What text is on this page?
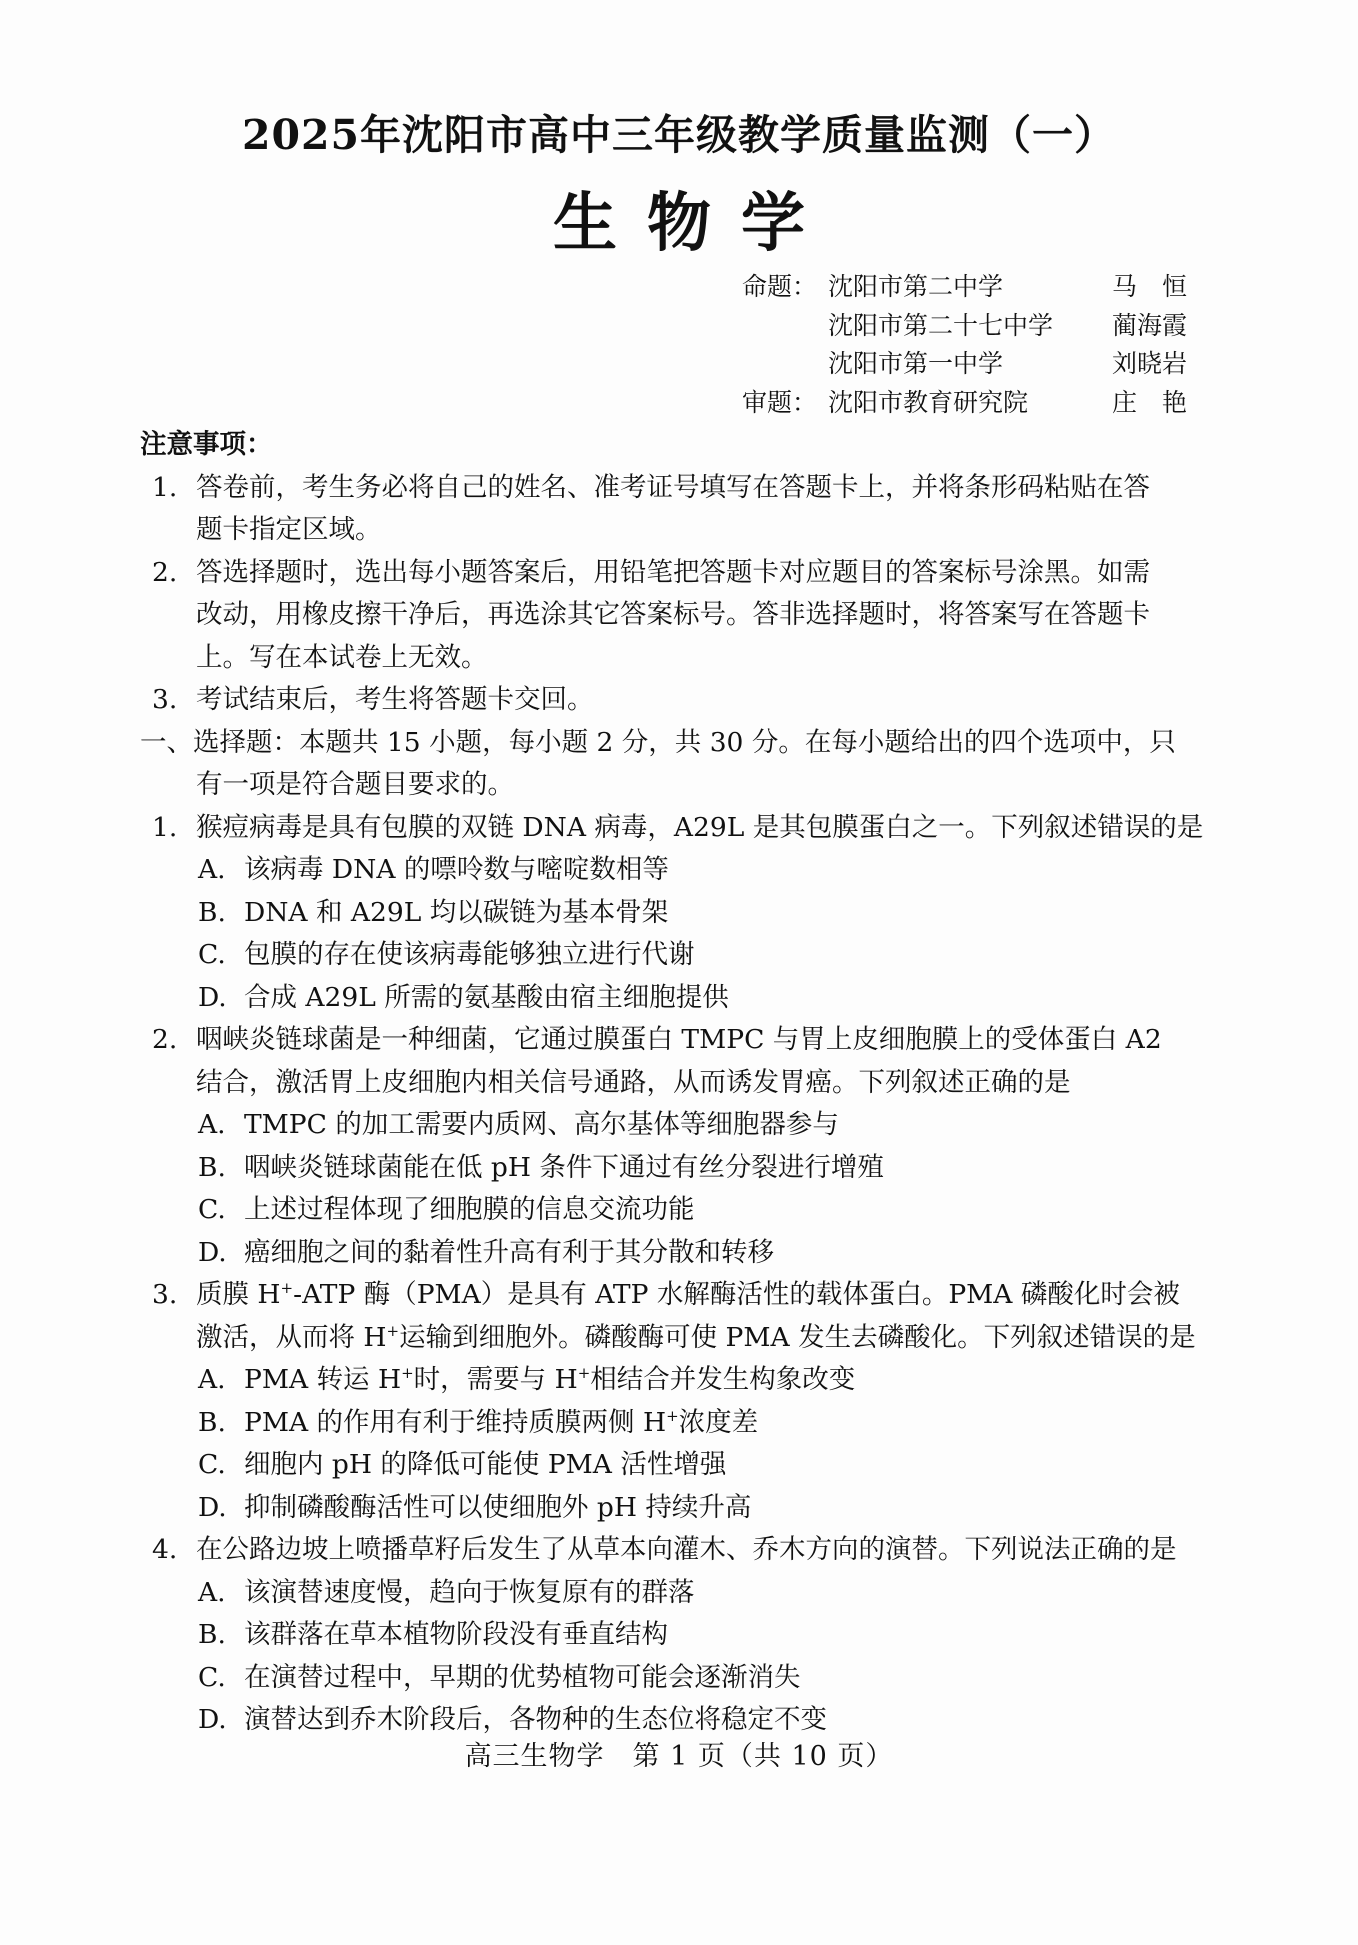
2025年沈阳市高中三年级教学质量监测（一）
生物学
命题： 沈阳市第二中学	马　恒
沈阳市第二十七中学	蔺海霞
沈阳市第一中学	刘晓岩
审题： 沈阳市教育研究院	庄　艳
注意事项：
1. 答卷前，考生务必将自己的姓名、准考证号填写在答题卡上，并将条形码粘贴在答
题卡指定区域。
2. 答选择题时，选出每小题答案后，用铅笔把答题卡对应题目的答案标号涂黑。如需
改动，用橡皮擦干净后，再选涂其它答案标号。答非选择题时，将答案写在答题卡
上。写在本试卷上无效。
3. 考试结束后，考生将答题卡交回。
一、选择题：本题共 15 小题，每小题 2 分，共 30 分。在每小题给出的四个选项中，只
有一项是符合题目要求的。
1. 猴痘病毒是具有包膜的双链 DNA 病毒，A29L 是其包膜蛋白之一。下列叙述错误的是
A. 该病毒 DNA 的嘌呤数与嘧啶数相等
B. DNA 和 A29L 均以碳链为基本骨架
C. 包膜的存在使该病毒能够独立进行代谢
D. 合成 A29L 所需的氨基酸由宿主细胞提供
2. 咽峡炎链球菌是一种细菌，它通过膜蛋白 TMPC 与胃上皮细胞膜上的受体蛋白 A2
结合，激活胃上皮细胞内相关信号通路，从而诱发胃癌。下列叙述正确的是
A. TMPC 的加工需要内质网、高尔基体等细胞器参与
B. 咽峡炎链球菌能在低 pH 条件下通过有丝分裂进行增殖
C. 上述过程体现了细胞膜的信息交流功能
D. 癌细胞之间的黏着性升高有利于其分散和转移
3. 质膜 H+-ATP 酶（PMA）是具有 ATP 水解酶活性的载体蛋白。PMA 磷酸化时会被
激活，从而将 H+运输到细胞外。磷酸酶可使 PMA 发生去磷酸化。下列叙述错误的是
A. PMA 转运 H+时，需要与 H+相结合并发生构象改变
B. PMA 的作用有利于维持质膜两侧 H+浓度差
C. 细胞内 pH 的降低可能使 PMA 活性增强
D. 抑制磷酸酶活性可以使细胞外 pH 持续升高
4. 在公路边坡上喷播草籽后发生了从草本向灌木、乔木方向的演替。下列说法正确的是
A. 该演替速度慢，趋向于恢复原有的群落
B. 该群落在草本植物阶段没有垂直结构
C. 在演替过程中，早期的优势植物可能会逐渐消失
D. 演替达到乔木阶段后，各物种的生态位将稳定不变
高三生物学　第 1 页（共 10 页）
